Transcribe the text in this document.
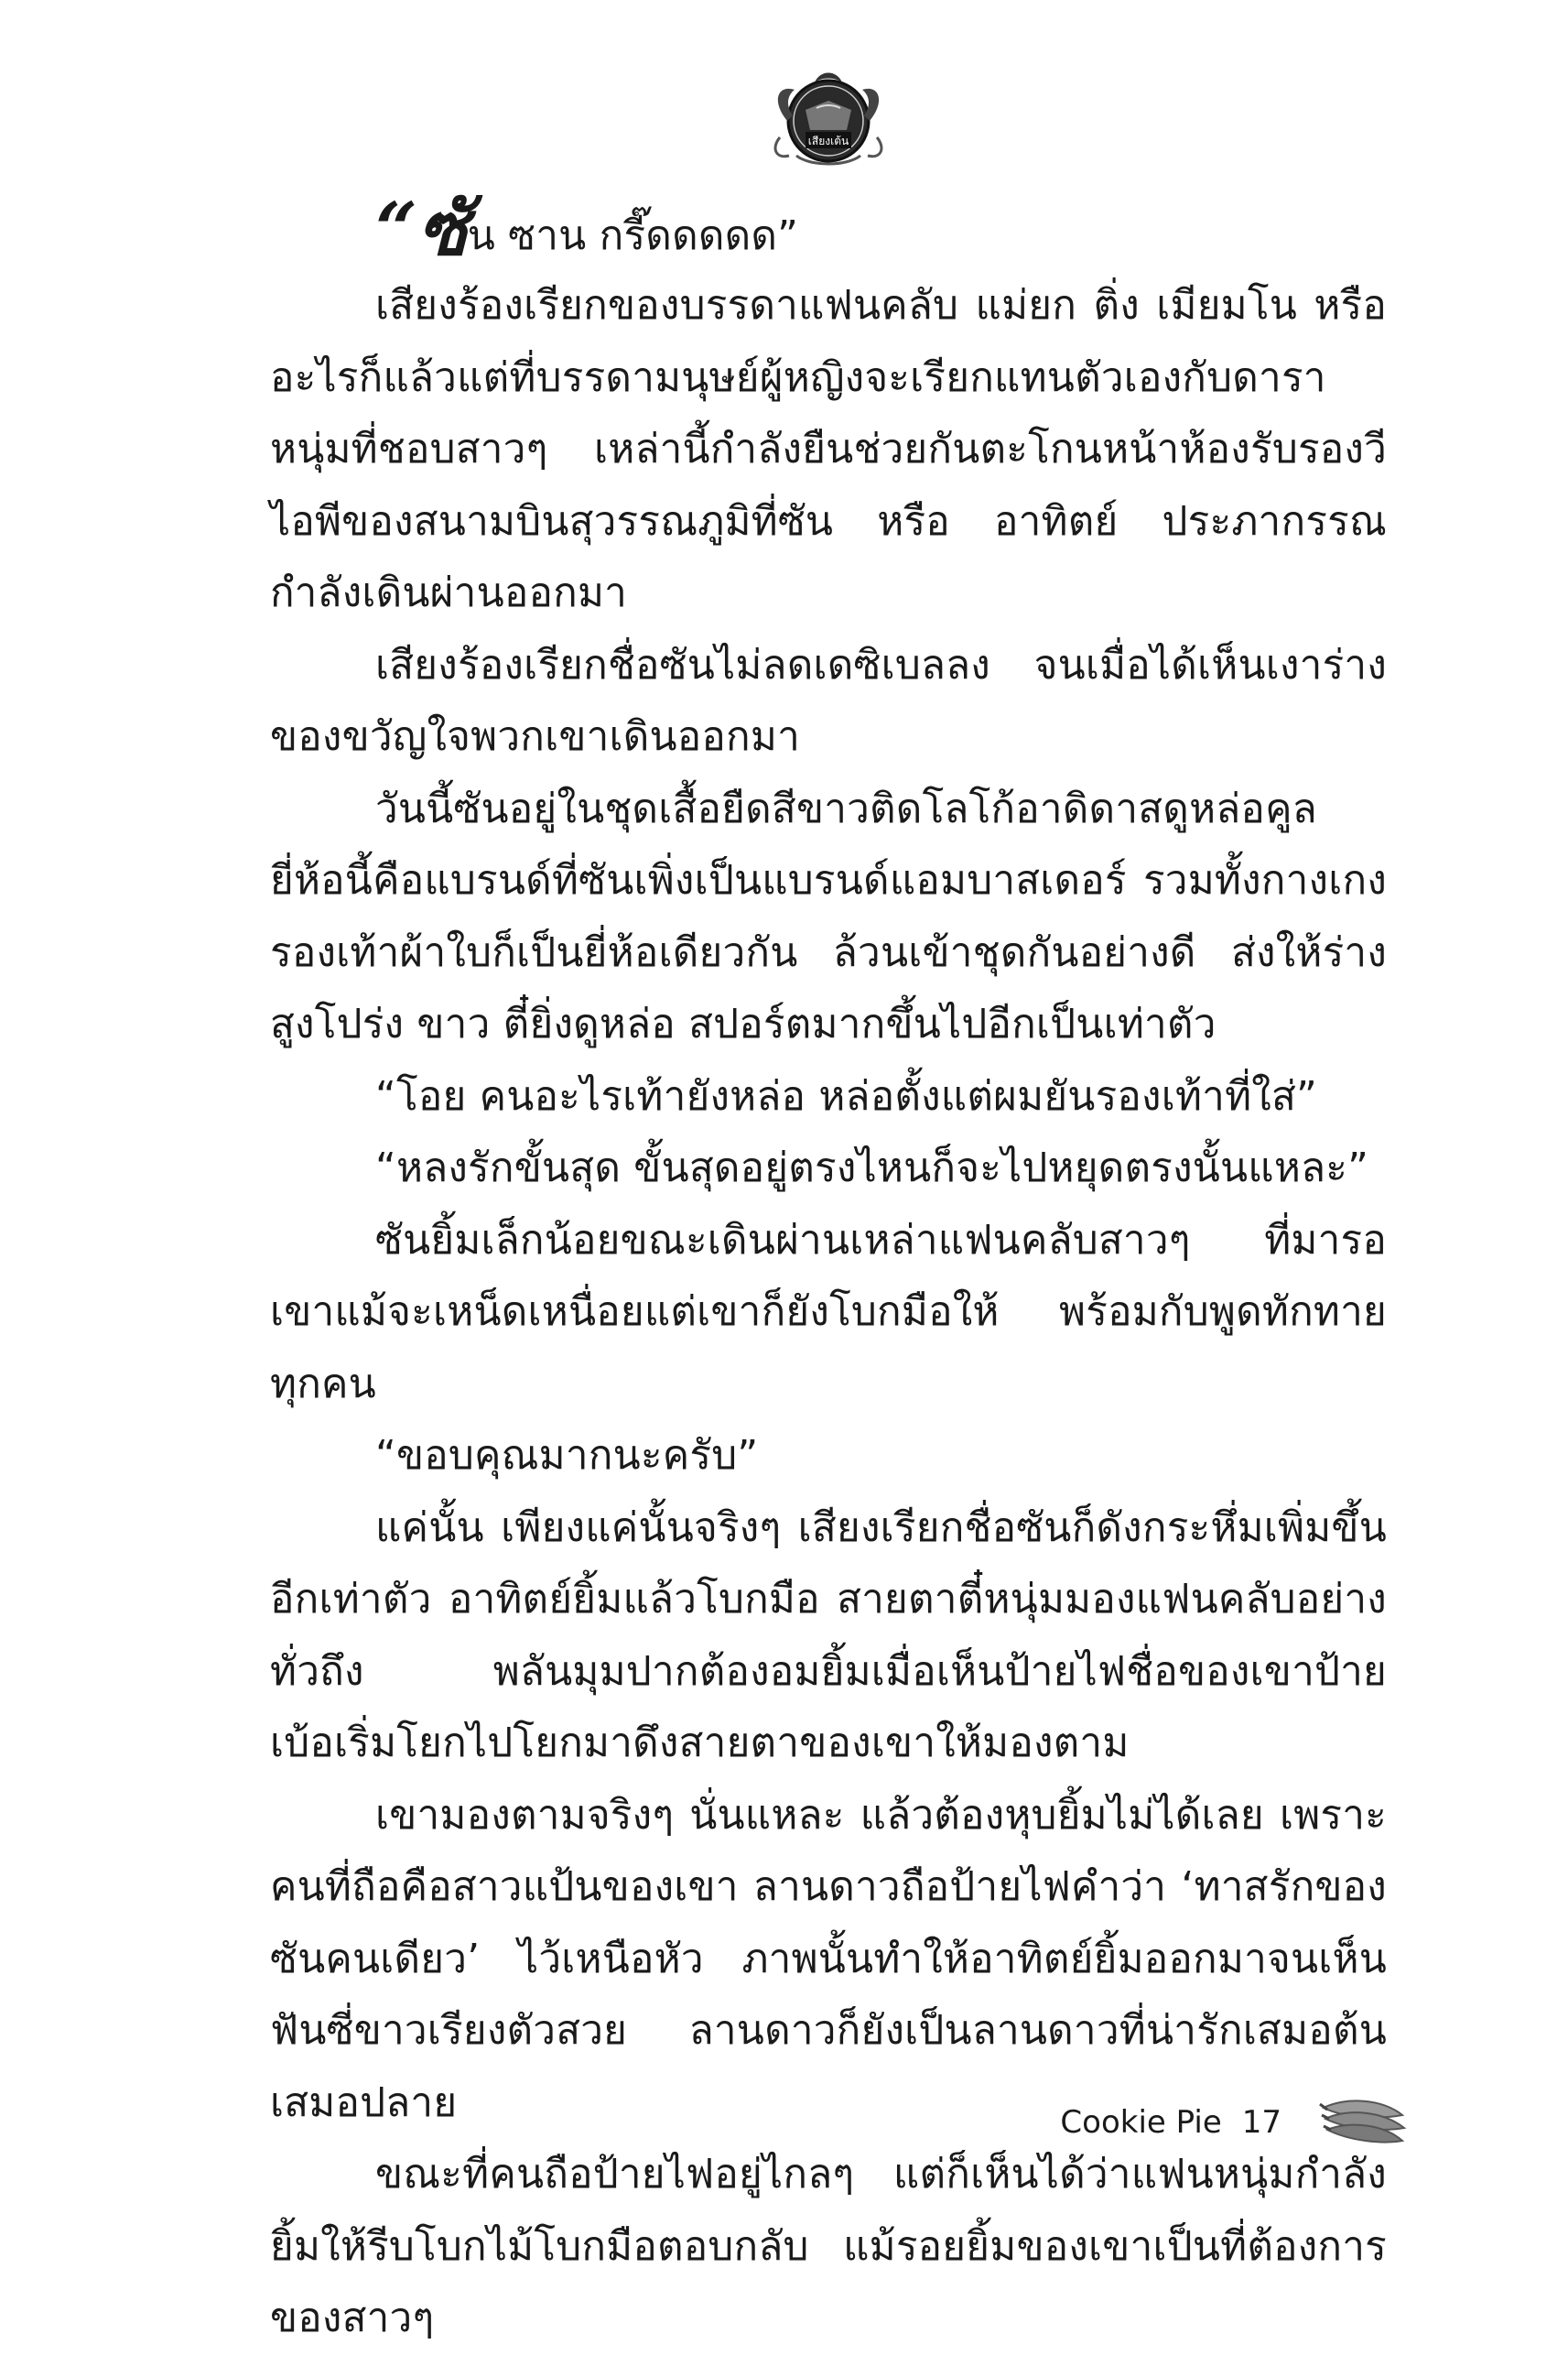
เสียงเต้น
“ซัน ซาน กรี๊ดดดดด”

เสียงร้องเรียกของบรรดาแฟนคลับ แม่ยก ติ่ง เมียมโน หรืออะไรก็แล้วแต่ที่บรรดามนุษย์ผู้หญิงจะเรียกแทนตัวเองกับดาราหนุ่มที่ชอบสาวๆ เหล่านี้กำลังยืนช่วยกันตะโกนหน้าห้องรับรองวีไอพีของสนามบินสุวรรณภูมิที่ซัน หรือ อาทิตย์ ประภากรรณ กำลังเดินผ่านออกมา

เสียงร้องเรียกชื่อซันไม่ลดเดซิเบลลง จนเมื่อได้เห็นเงาร่างของขวัญใจพวกเขาเดินออกมา

วันนี้ซันอยู่ในชุดเสื้อยืดสีขาวติดโลโก้อาดิดาสดูหล่อคูล ยี่ห้อนี้คือแบรนด์ที่ซันเพิ่งเป็นแบรนด์แอมบาสเดอร์ รวมทั้งกางเกง รองเท้าผ้าใบก็เป็นยี่ห้อเดียวกัน ล้วนเข้าชุดกันอย่างดี ส่งให้ร่างสูงโปร่ง ขาว ตี๋ยิ่งดูหล่อ สปอร์ตมากขึ้นไปอีกเป็นเท่าตัว

“โอย คนอะไรเท้ายังหล่อ หล่อตั้งแต่ผมยันรองเท้าที่ใส่”

“หลงรักขั้นสุด ขั้นสุดอยู่ตรงไหนก็จะไปหยุดตรงนั้นแหละ”

ซันยิ้มเล็กน้อยขณะเดินผ่านเหล่าแฟนคลับสาวๆ ที่มารอเขาแม้จะเหน็ดเหนื่อยแต่เขาก็ยังโบกมือให้ พร้อมกับพูดทักทายทุกคน

“ขอบคุณมากนะครับ”

แค่นั้น เพียงแค่นั้นจริงๆ เสียงเรียกชื่อซันก็ดังกระหึ่มเพิ่มขึ้นอีกเท่าตัว อาทิตย์ยิ้มแล้วโบกมือ สายตาตี๋หนุ่มมองแฟนคลับอย่างทั่วถึง พลันมุมปากต้องอมยิ้มเมื่อเห็นป้ายไฟชื่อของเขาป้ายเบ้อเริ่มโยกไปโยกมาดึงสายตาของเขาให้มองตาม

เขามองตามจริงๆ นั่นแหละ แล้วต้องหุบยิ้มไม่ได้เลย เพราะคนที่ถือคือสาวแป้นของเขา ลานดาวถือป้ายไฟคำว่า ‘ทาสรักของซันคนเดียว’ ไว้เหนือหัว ภาพนั้นทำให้อาทิตย์ยิ้มออกมาจนเห็นฟันซี่ขาวเรียงตัวสวย ลานดาวก็ยังเป็นลานดาวที่น่ารักเสมอต้นเสมอปลาย

ขณะที่คนถือป้ายไฟอยู่ไกลๆ แต่ก็เห็นได้ว่าแฟนหนุ่มกำลังยิ้มให้รีบโบกไม้โบกมือตอบกลับ แม้รอยยิ้มของเขาเป็นที่ต้องการของสาวๆ

Cookie Pie 17
